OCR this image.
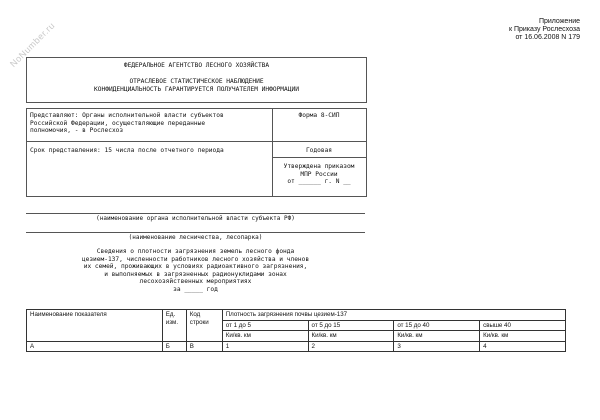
NoNumber.ru	Приложение
к Приказу Рослесхоза
от 16.06.2008 N 179
ФЕДЕРАЛЬНОЕ АГЕНТСТВО ЛЕСНОГО ХОЗЯЙСТВА
ОТРАСЛЕВОЕ СТАТИСТИЧЕСКОЕ НАБЛЮДЕНИЕ
КОНФИДЕНЦИАЛЬНОСТЬ ГАРАНТИРУЕТСЯ ПОЛУЧАТЕЛЕМ ИНФОРМАЦИИ
Представляют: Органы исполнительной власти субъектов
Российской Федерации, осуществляющие переданные
полномочия, - в Рослесхоз
Форма 8-СИП
Срок представления: 15 числа после отчетного периода	Годовая
Утверждена приказом
МПР России
от ______ г. N __
(наименование органа исполнительной власти субъекта РФ)
(наименование лесничества, лесопарка)
Сведения о плотности загрязнения земель лесного фонда
цезием-137, численности работников лесного хозяйства и членов
их семей, проживающих в условиях радиоактивного загрязнения,
и выполняемых в загрязненных радионуклидами зонах
лесохозяйственных мероприятиях
за _____ год
Наименование показателя	Ед. изм.	Код строки	Плотность загрязнения почвы цезием-137			
			от 1 до 5	от 5 до 15	от 15 до 40	свыше 40
			Ки/кв. км	Ки/кв. км	Ки/кв. км	Ки/кв. км
А	Б	В	1	2	3	4
